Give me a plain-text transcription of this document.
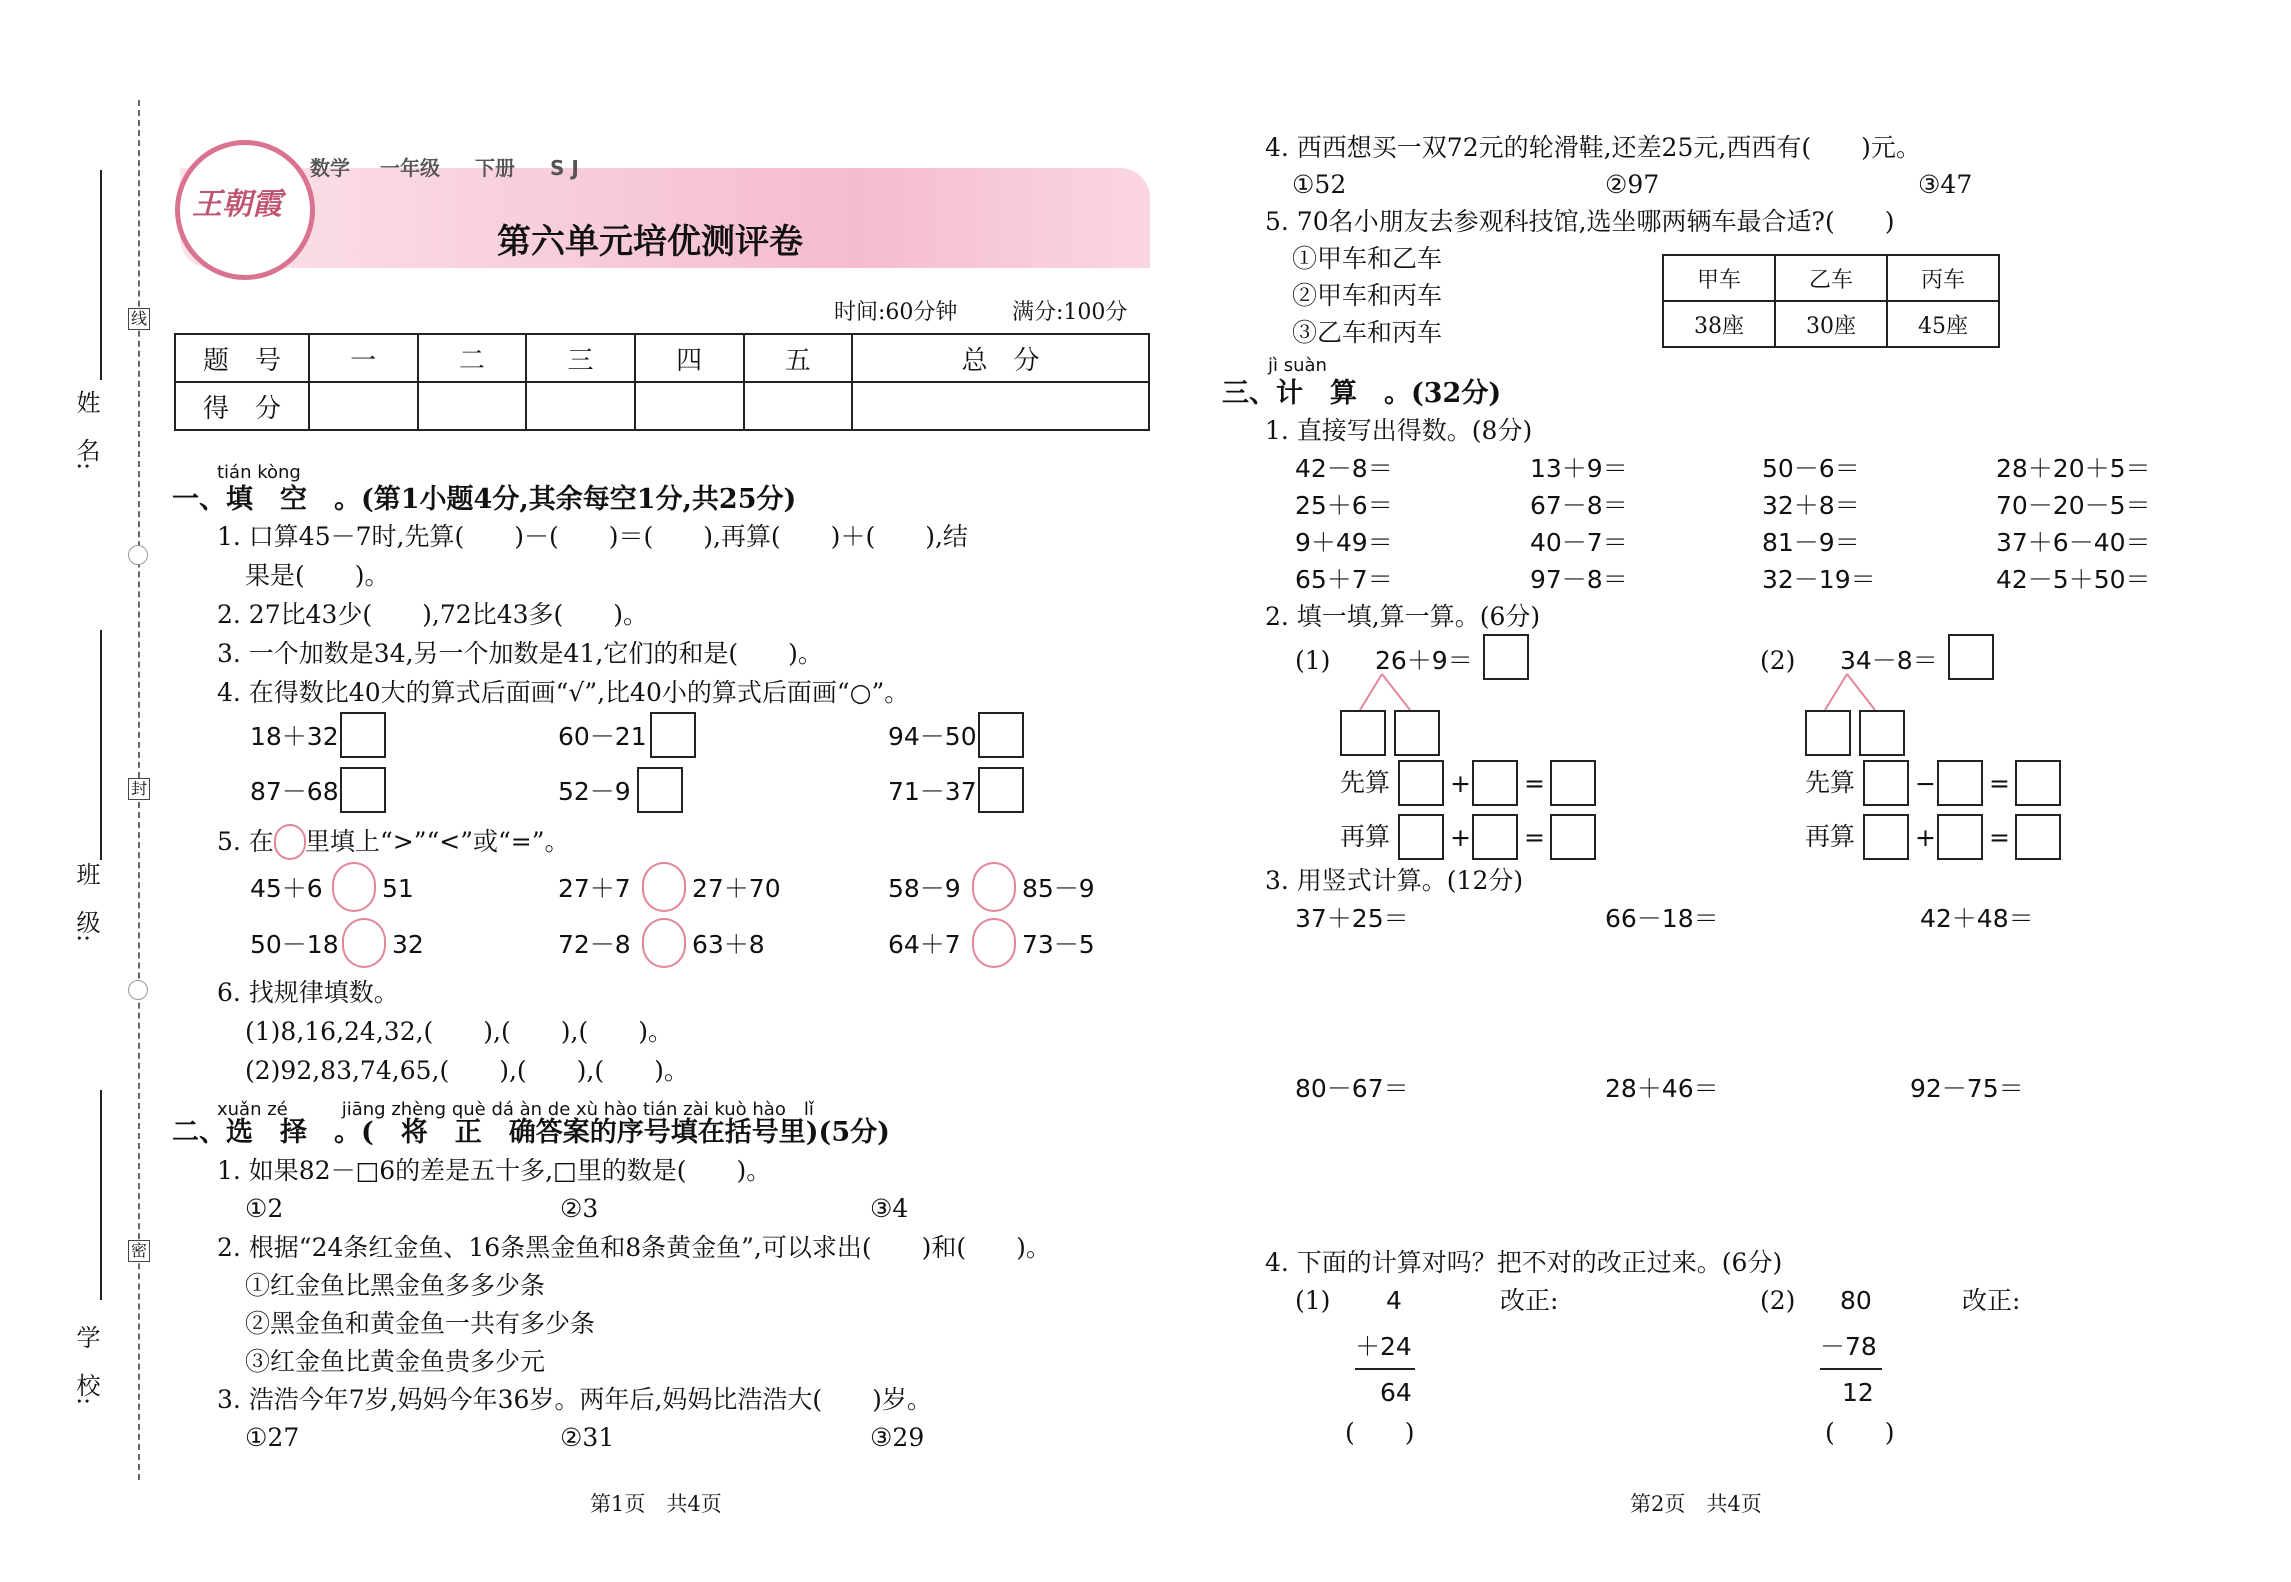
姓　名:
班　级:
学　校:
线
封
密
王朝霞
数学 一年级 下册 S J
第六单元培优测评卷
时间:60分钟 满分:100分
题　号	一	二	三	四	五	总　分
得　分						
tián kòng
一、填　空　。(第1小题4分,其余每空1分,共25分)
1. 口算45－7时,先算(　　)－(　　)＝(　　),再算(　　)＋(　　),结
果是(　　)。
2. 27比43少(　　),72比43多(　　)。
3. 一个加数是34,另一个加数是41,它们的和是(　　)。
4. 在得数比40大的算式后面画“√”,比40小的算式后面画“○”。
18＋32	60－21	94－50
87－68	52－9	71－37
5. 在 里填上“>”“<”或“=”。
45＋6 51	27＋7 27＋70	58－9 85－9
50－18 32	72－8 63＋8	64＋7 73－5
6. 找规律填数。
(1)8,16,24,32,(　　),(　　),(　　)。
(2)92,83,74,65,(　　),(　　),(　　)。
xuǎn zé　　　jiāng zhèng què dá àn de xù hào tián zài kuò hào　lǐ
二、选　择　。(　将　正　确答案的序号填在括号里)(5分)
1. 如果82－□6的差是五十多,□里的数是(　　)。
①2	②3	③4
2. 根据“24条红金鱼、16条黑金鱼和8条黄金鱼”,可以求出(　　)和(　　)。
①红金鱼比黑金鱼多多少条
②黑金鱼和黄金鱼一共有多少条
③红金鱼比黄金鱼贵多少元
3. 浩浩今年7岁,妈妈今年36岁。两年后,妈妈比浩浩大(　　)岁。
①27	②31	③29
第1页　共4页
4. 西西想买一双72元的轮滑鞋,还差25元,西西有(　　)元。
①52	②97	③47
5. 70名小朋友去参观科技馆,选坐哪两辆车最合适?(　　)
①甲车和乙车
②甲车和丙车
③乙车和丙车
甲车	乙车	丙车
38座	30座	45座
jì suàn
三、计　算　。(32分)
1. 直接写出得数。(8分)
42－8＝	13＋9＝	50－6＝	28＋20＋5＝
25＋6＝	67－8＝	32＋8＝	70－20－5＝
9＋49＝	40－7＝	81－9＝	37＋6－40＝
65＋7＝	97－8＝	32－19＝	42－5＋50＝
2. 填一填,算一算。(6分)
(1) 26＋9＝
先算 + =
再算 + =
(2) 34－8＝
先算 − =
再算 + =
3. 用竖式计算。(12分)
37＋25＝	66－18＝	42＋48＝
80－67＝	28＋46＝	92－75＝
4. 下面的计算对吗？把不对的改正过来。(6分)
(1) 4	改正:
＋24
64
(　　)
(2) 80	改正:
－78
12
(　　)
第2页　共4页
